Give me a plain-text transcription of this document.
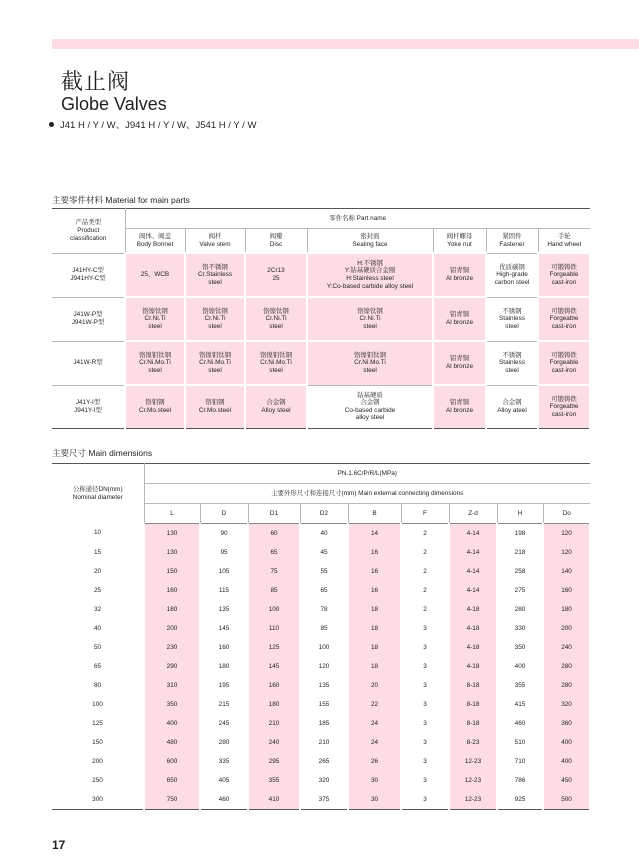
截止阀
Globe Valves
J41 H / Y / W、J941 H / Y / W、J541 H / Y / W
主要零件材料 Material for main parts
产品类型
Product
classification	零件名称 Part name						
	阀体、阀盖
Body Bonnet	阀杆
Valve stem	阀瓣
Disc	密封面
Sealing face	阀杆螺母
Yoke nut	紧固件
Fastener	手轮
Hand wheel
J41HY-C型
J941HY-C型	25、WCB	铬不锈钢
Cr.Stainless
steel	2Cr13
25	H:不锈钢
Y:钴基硬质合金刚
H:Stainless steel
Y:Co-based carbide alloy steel	铝青铜
Al bronze	优质碳钢
High-grade
carbon steel	可锻铸铁
Forgeable
cast-iron
J41W-P型
J941W-P型	铬镍钛钢
Cr.Ni.Ti
steel	铬镍钛钢
Cr.Ni.Ti
steel	铬镍钛钢
Cr.Ni.Ti
steel	铬镍钛钢
Cr.Ni.Ti
steel	铝青铜
Al bronze	不锈钢
Stainless
steel	可锻铸铁
Forgeable
cast-iron
J41W-R型	铬镍钼钛钢
Cr.Ni.Mo.Ti
steel	铬镍钼钛钢
Cr.Ni.Mo.Ti
steel	铬镍钼钛钢
Cr.Ni.Mo.Ti
steel	铬镍钼钛钢
Cr.Ni.Mo.Ti
steel	铝青铜
Al bronze	不锈钢
Stainless
steel	可锻铸铁
Forgeable
cast-iron
J41Y-I型
J941Y-I型	铬钼钢
Cr.Mo.steel	铬钼钢
Cr.Mo.steel	合金钢
Alloy steel	钴基硬质
合金钢
Co-based carbide
alloy steel	铝青铜
Al bronze	合金钢
Alloy ateel	可锻铸铁
Forgeable
cast-iron
主要尺寸 Main dimensions
公称通径DN(mm)
Nominal diameter	PN.1.6C/P/R/L(MPa)								
	主要外形尺寸和连接尺寸(mm) Main external connecting dimensions								
	L	D	D1	D2	B	F	Z-d	H	Do
10	130	90	60	40	14	2	4-14	198	120
15	130	95	65	45	16	2	4-14	218	120
20	150	105	75	55	16	2	4-14	258	140
25	160	115	85	65	16	2	4-14	275	160
32	180	135	100	78	18	2	4-18	280	180
40	200	145	110	85	18	3	4-18	330	200
50	230	160	125	100	18	3	4-18	350	240
65	290	180	145	120	18	3	4-18	400	280
80	310	195	160	135	20	3	8-18	355	280
100	350	215	180	155	22	3	8-18	415	320
125	400	245	210	185	24	3	8-18	460	360
150	480	280	240	210	24	3	8-23	510	400
200	600	335	295	265	26	3	12-23	710	400
250	650	405	355	320	30	3	12-23	786	450
300	750	460	410	375	30	3	12-23	925	500
17
